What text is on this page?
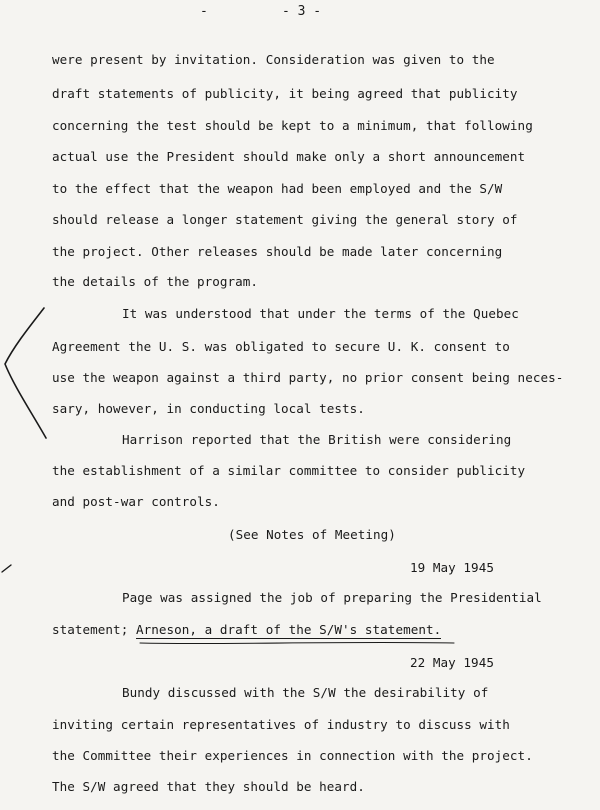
-	- 3 -
were present by invitation. Consideration was given to the
draft statements of publicity, it being agreed that publicity
concerning the test should be kept to a minimum, that following
actual use the President should make only a short announcement
to the effect that the weapon had been employed and the S/W
should release a longer statement giving the general story of
the project. Other releases should be made later concerning
the details of the program.
It was understood that under the terms of the Quebec
Agreement the U. S. was obligated to secure U. K. consent to
use the weapon against a third party, no prior consent being neces-
sary, however, in conducting local tests.
Harrison reported that the British were considering
the establishment of a similar committee to consider publicity
and post-war controls.
(See Notes of Meeting)
19 May 1945
Page was assigned the job of preparing the Presidential
statement; Arneson, a draft of the S/W's statement.
22 May 1945
Bundy discussed with the S/W the desirability of
inviting certain representatives of industry to discuss with
the Committee their experiences in connection with the project.
The S/W agreed that they should be heard.
